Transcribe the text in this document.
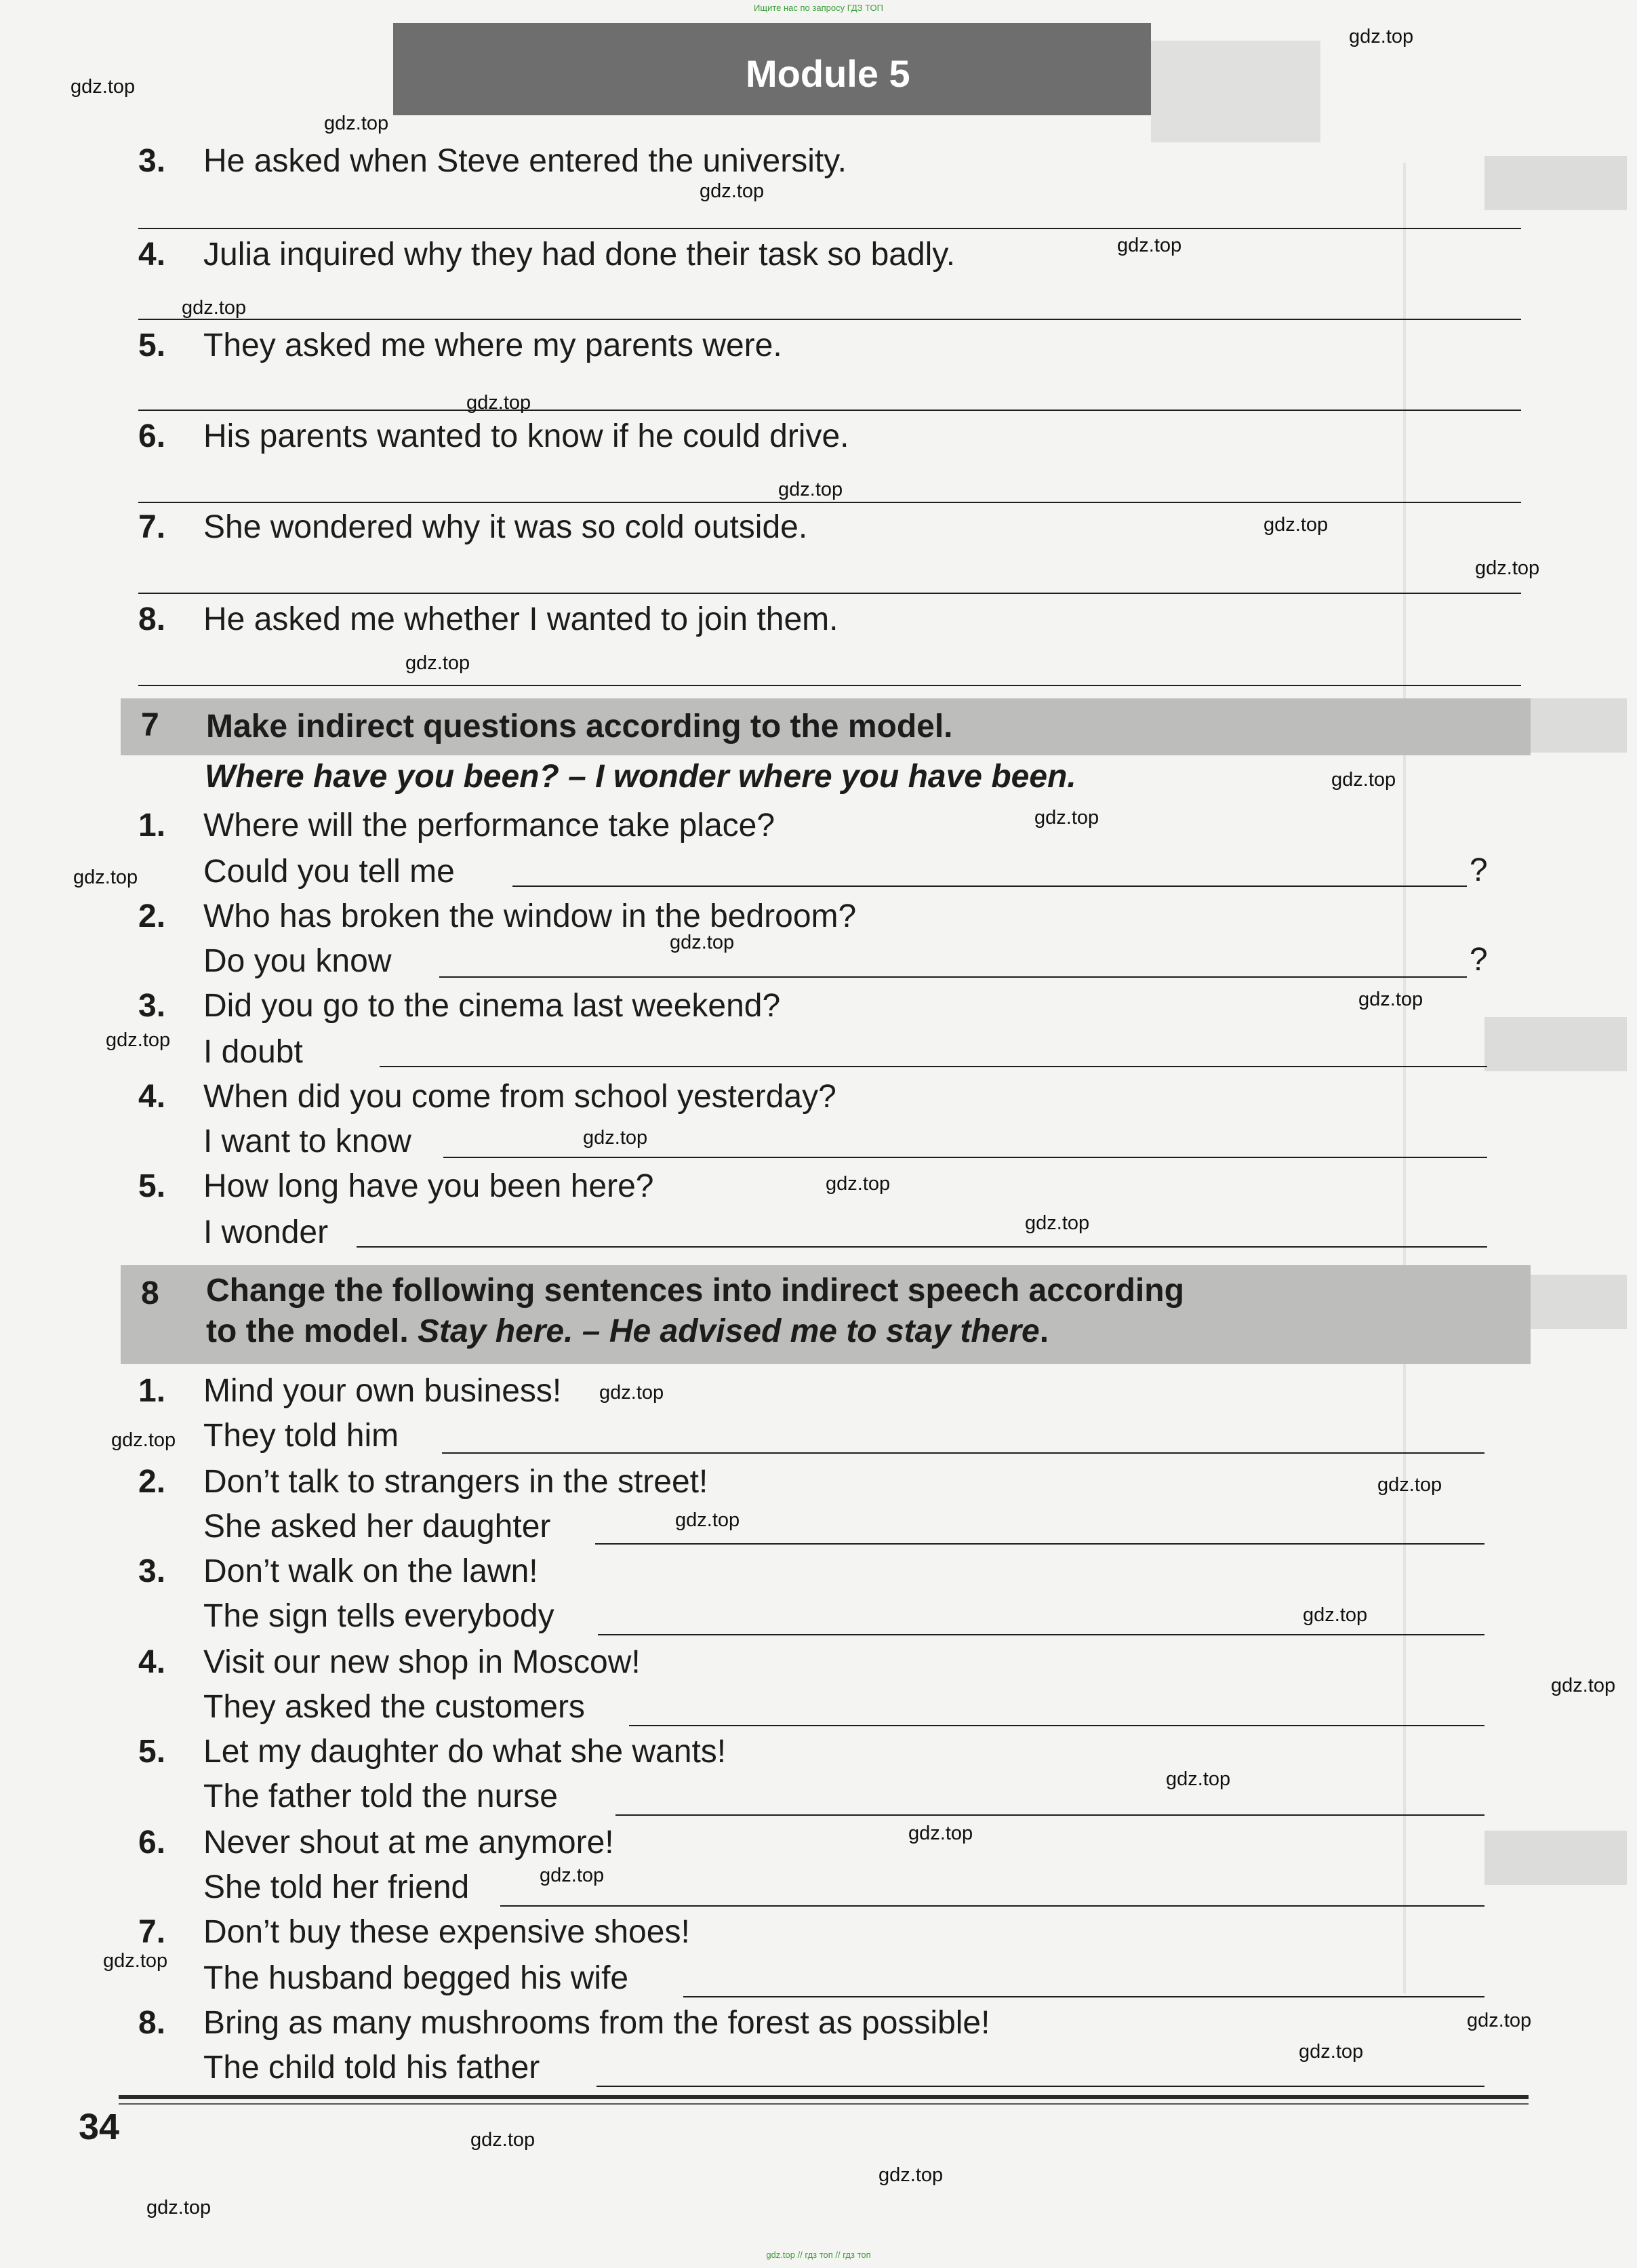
Ищите нас по запросу ГДЗ ТОП
Module 5
3. He asked when Steve entered the university.
4. Julia inquired why they had done their task so badly.
5. They asked me where my parents were.
6. His parents wanted to know if he could drive.
7. She wondered why it was so cold outside.
8. He asked me whether I wanted to join them.
7 Make indirect questions according to the model.
Where have you been? – I wonder where you have been.
1. Where will the performance take place?
Could you tell me	?
2. Who has broken the window in the bedroom?
Do you know	?
3. Did you go to the cinema last weekend?
I doubt
4. When did you come from school yesterday?
I want to know
5. How long have you been here?
I wonder
8 Change the following sentences into indirect speech according
to the model. Stay here. – He advised me to stay there.
1. Mind your own business!
They told him
2. Don’t talk to strangers in the street!
She asked her daughter
3. Don’t walk on the lawn!
The sign tells everybody
4. Visit our new shop in Moscow!
They asked the customers
5. Let my daughter do what she wants!
The father told the nurse
6. Never shout at me anymore!
She told her friend
7. Don’t buy these expensive shoes!
The husband begged his wife
8. Bring as many mushrooms from the forest as possible!
The child told his father
34
gdz.top
gdz.top
gdz.top
gdz.top
gdz.top
gdz.top
gdz.top
gdz.top
gdz.top
gdz.top
gdz.top
gdz.top
gdz.top
gdz.top
gdz.top
gdz.top
gdz.top
gdz.top
gdz.top
gdz.top
gdz.top
gdz.top
gdz.top
gdz.top
gdz.top
gdz.top
gdz.top
gdz.top
gdz.top
gdz.top
gdz.top
gdz.top
gdz.top
gdz.top
gdz.top
gdz.top // гдз топ // гдз топ
